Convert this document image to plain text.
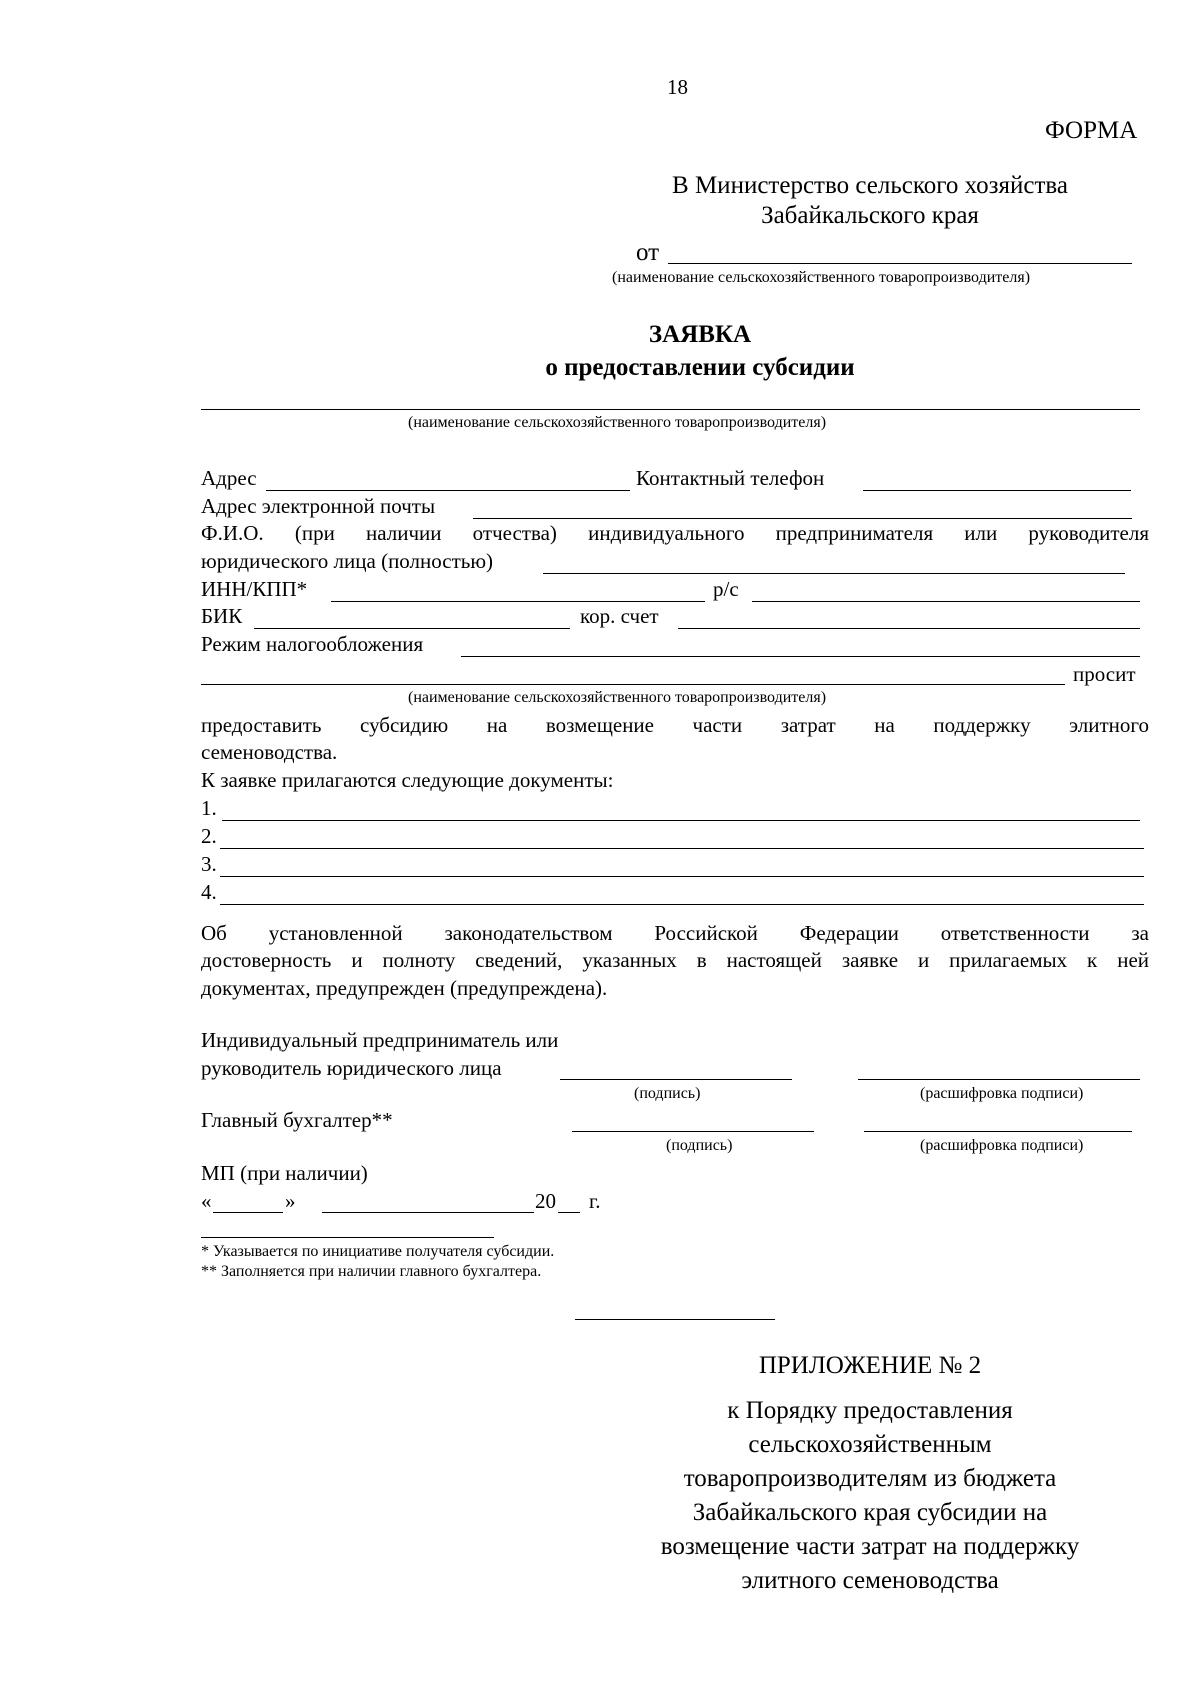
18
ФОРМА
В Министерство сельского хозяйства
Забайкальского края
от
(наименование сельскохозяйственного товаропроизводителя)
ЗАЯВКА
о предоставлении субсидии
(наименование сельскохозяйственного товаропроизводителя)
Адрес	Контактный телефон
Адрес электронной почты
Ф.И.О. (при наличии отчества) индивидуального предпринимателя или руководителя
юридического лица (полностью)
ИНН/КПП*	р/с
БИК	кор. счет
Режим налогообложения
просит
(наименование сельскохозяйственного товаропроизводителя)
предоставить субсидию на возмещение части затрат на поддержку элитного
семеноводства.
К заявке прилагаются следующие документы:
1.
2.
3.
4.
Об установленной законодательством Российской Федерации ответственности за
достоверность и полноту сведений, указанных в настоящей заявке и прилагаемых к ней
документах, предупрежден (предупреждена).
Индивидуальный предприниматель или
руководитель юридического лица
(подпись)	(расшифровка подписи)
Главный бухгалтер**
(подпись)	(расшифровка подписи)
МП (при наличии)
«	»	20 г.
* Указывается по инициативе получателя субсидии.
** Заполняется при наличии главного бухгалтера.
ПРИЛОЖЕНИЕ № 2
к Порядку предоставления
сельскохозяйственным
товаропроизводителям из бюджета
Забайкальского края субсидии на
возмещение части затрат на поддержку
элитного семеноводства
